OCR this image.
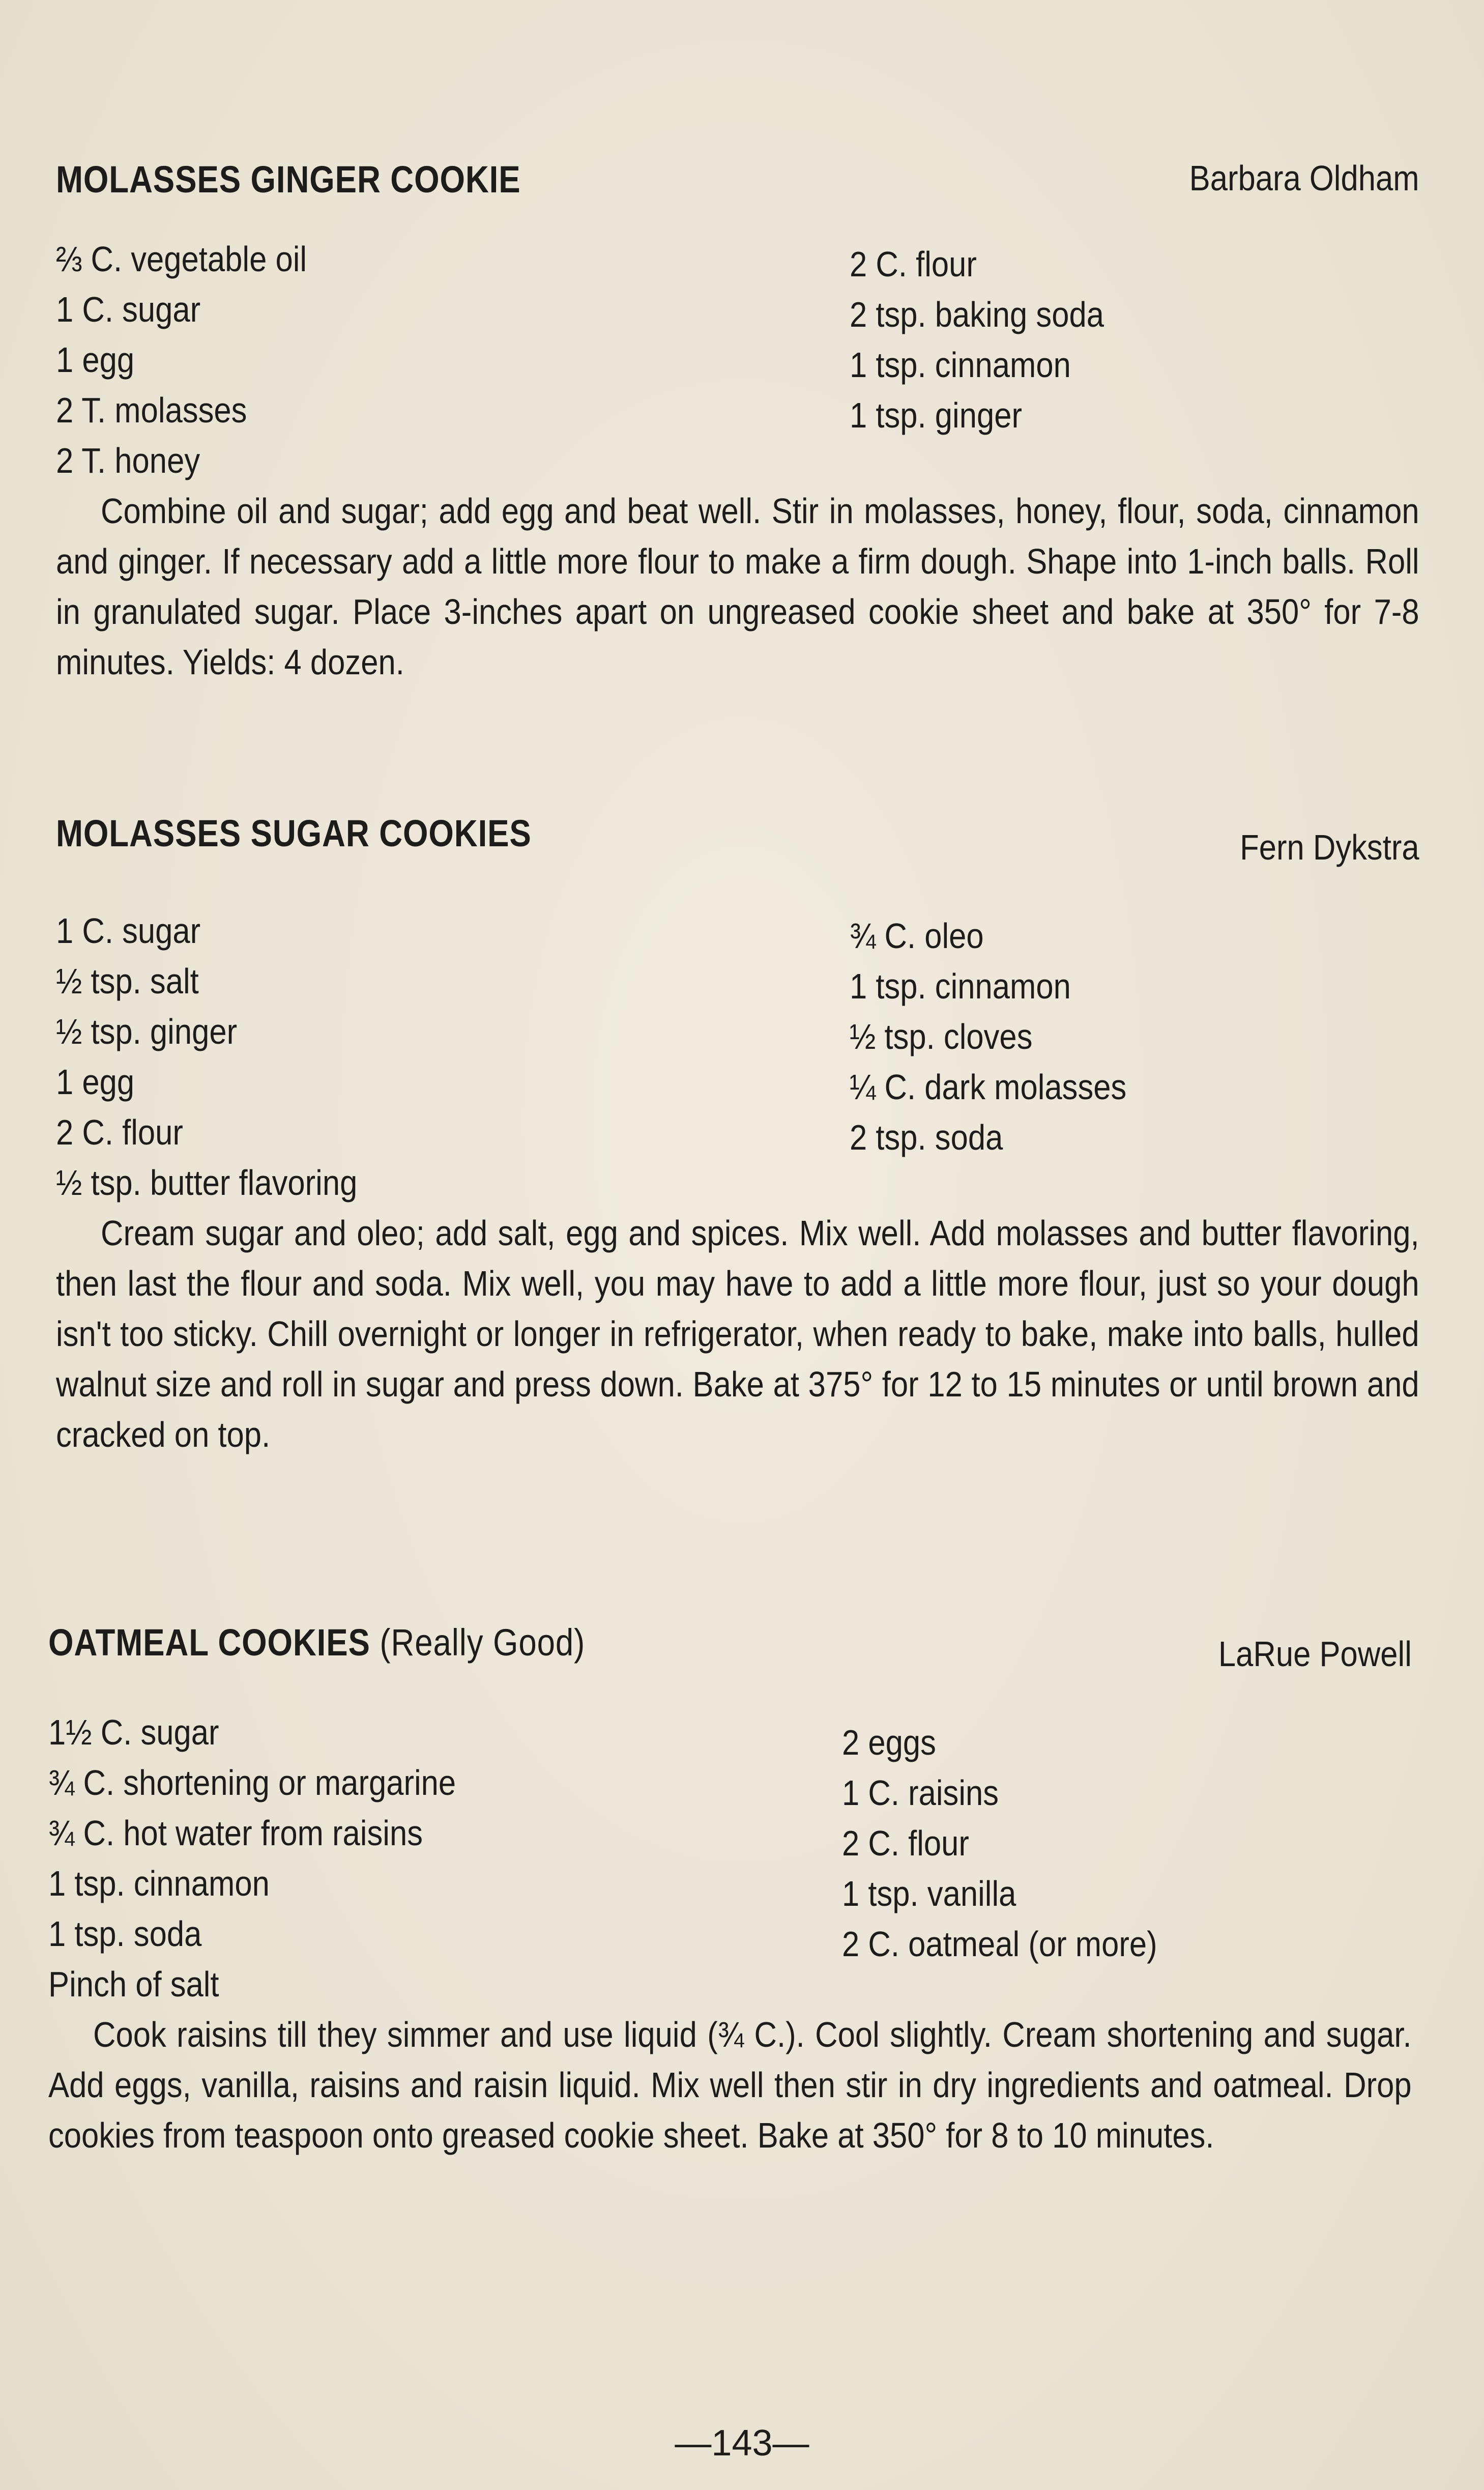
MOLASSES GINGER COOKIE	Barbara Oldham
⅔ C. vegetable oil
1 C. sugar
1 egg
2 T. molasses
2 T. honey
2 C. flour
2 tsp. baking soda
1 tsp. cinnamon
1 tsp. ginger
Combine oil and sugar; add egg and beat well. Stir in molasses, honey, flour, soda, cinnamon and ginger. If necessary add a little more flour to make a firm dough. Shape into 1-inch balls. Roll in granulated sugar. Place 3-inches apart on ungreased cookie sheet and bake at 350° for 7-8 minutes. Yields: 4 dozen.
MOLASSES SUGAR COOKIES	Fern Dykstra
1 C. sugar
½ tsp. salt
½ tsp. ginger
1 egg
2 C. flour
½ tsp. butter flavoring
¾ C. oleo
1 tsp. cinnamon
½ tsp. cloves
¼ C. dark molasses
2 tsp. soda
Cream sugar and oleo; add salt, egg and spices. Mix well. Add molasses and butter flavoring, then last the flour and soda. Mix well, you may have to add a little more flour, just so your dough isn't too sticky. Chill overnight or longer in refrigerator, when ready to bake, make into balls, hulled walnut size and roll in sugar and press down. Bake at 375° for 12 to 15 minutes or until brown and cracked on top.
OATMEAL COOKIES (Really Good)	LaRue Powell
1½ C. sugar
¾ C. shortening or margarine
¾ C. hot water from raisins
1 tsp. cinnamon
1 tsp. soda
Pinch of salt
2 eggs
1 C. raisins
2 C. flour
1 tsp. vanilla
2 C. oatmeal (or more)
Cook raisins till they simmer and use liquid (¾ C.). Cool slightly. Cream shortening and sugar. Add eggs, vanilla, raisins and raisin liquid. Mix well then stir in dry ingredients and oatmeal. Drop cookies from teaspoon onto greased cookie sheet. Bake at 350° for 8 to 10 minutes.
—143—
